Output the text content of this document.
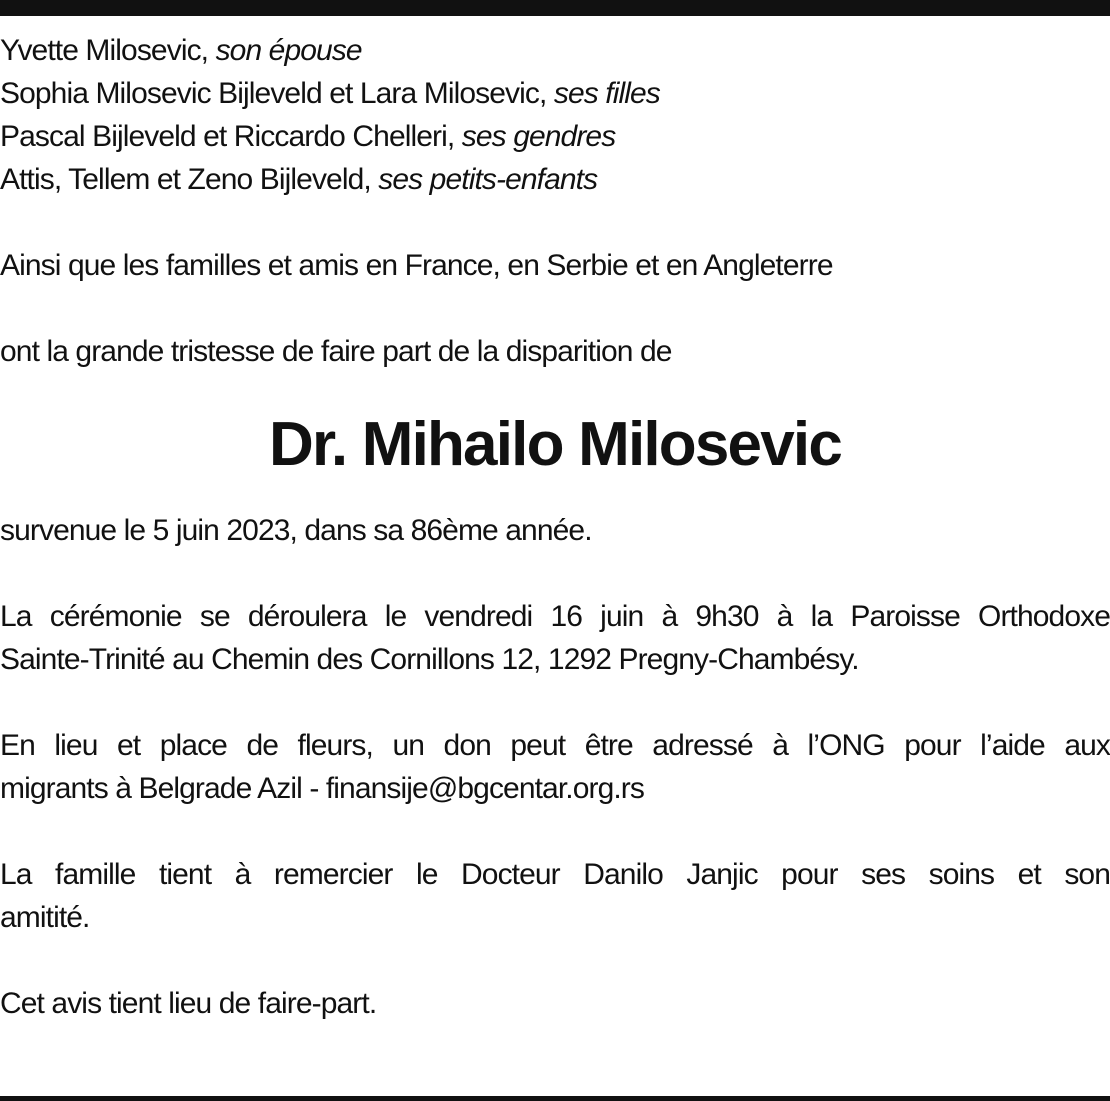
Yvette Milosevic, son épouse
Sophia Milosevic Bijleveld et Lara Milosevic, ses filles
Pascal Bijleveld et Riccardo Chelleri, ses gendres
Attis, Tellem et Zeno Bijleveld, ses petits-enfants
Ainsi que les familles et amis en France, en Serbie et en Angleterre
ont la grande tristesse de faire part de la disparition de
Dr. Mihailo Milosevic
survenue le 5 juin 2023, dans sa 86ème année.
La cérémonie se déroulera le vendredi 16 juin à 9h30 à la Paroisse Orthodoxe
Sainte-Trinité au Chemin des Cornillons 12, 1292 Pregny-Chambésy.
En lieu et place de fleurs, un don peut être adressé à l’ONG pour l’aide aux
migrants à Belgrade Azil - finansije@bgcentar.org.rs
La famille tient à remercier le Docteur Danilo Janjic pour ses soins et son
amitité.
Cet avis tient lieu de faire-part.
